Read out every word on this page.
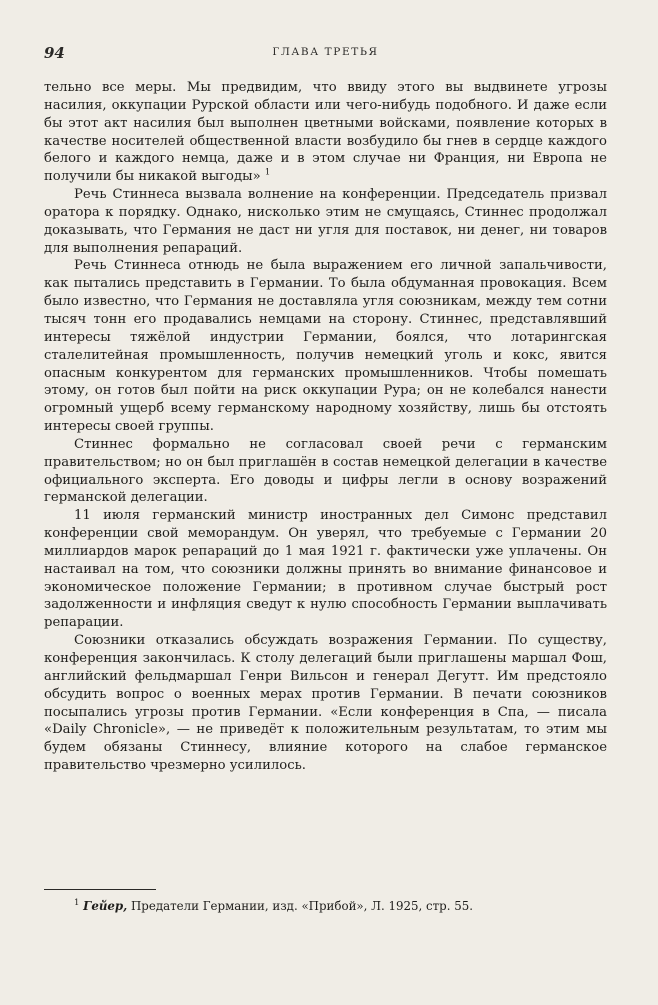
94	ГЛАВА ТРЕТЬЯ

тельно все меры. Мы предвидим, что ввиду этого вы выдвинете угрозы насилия, оккупации Рурской области или чего-нибудь подобного. И даже если бы этот акт насилия был выполнен цветными войсками, появление которых в качестве носителей общественной власти возбудило бы гнев в сердце каждого белого и каждого немца, даже и в этом случае ни Франция, ни Европа не получили бы никакой выгоды» $^1$

Речь Стиннеса вызвала волнение на конференции. Председатель призвал оратора к порядку. Однако, нисколько этим не смущаясь, Стиннес продолжал доказывать, что Германия не даст ни угля для поставок, ни денег, ни товаров для выполнения репараций.

Речь Стиннеса отнюдь не была выражением его личной запальчивости, как пытались представить в Германии. То была обдуманная провокация. Всем было известно, что Германия не доставляла угля союзникам, между тем сотни тысяч тонн его продавались немцами на сторону. Стиннес, представлявший интересы тяжёлой индустрии Германии, боялся, что лотарингская сталелитейная промышленность, получив немецкий уголь и кокс, явится опасным конкурентом для германских промышленников. Чтобы помешать этому, он готов был пойти на риск оккупации Рура; он не колебался нанести огромный ущерб всему германскому народному хозяйству, лишь бы отстоять интересы своей группы.

Стиннес формально не согласовал своей речи с германским правительством; но он был приглашён в состав немецкой делегации в качестве официального эксперта. Его доводы и цифры легли в основу возражений германской делегации.

11 июля германский министр иностранных дел Симонс представил конференции свой меморандум. Он уверял, что требуемые с Германии 20 миллиардов марок репараций до 1 мая 1921 г. фактически уже уплачены. Он настаивал на том, что союзники должны принять во внимание финансовое и экономическое положение Германии; в противном случае быстрый рост задолженности и инфляция сведут к нулю способность Германии выплачивать репарации.

Союзники отказались обсуждать возражения Германии. По существу, конференция закончилась. К столу делегаций были приглашены маршал Фош, английский фельдмаршал Генри Вильсон и генерал Дегутт. Им предстояло обсудить вопрос о военных мерах против Германии. В печати союзников посыпались угрозы против Германии. «Если конференция в Спа, — писала «Daily Chronicle», — не приведёт к положительным результатам, то этим мы будем обязаны Стиннесу, влияние которого на слабое германское правительство чрезмерно усилилось.

$^1$ Гейер, Предатели Германии, изд. «Прибой», Л. 1925, стр. 55.
